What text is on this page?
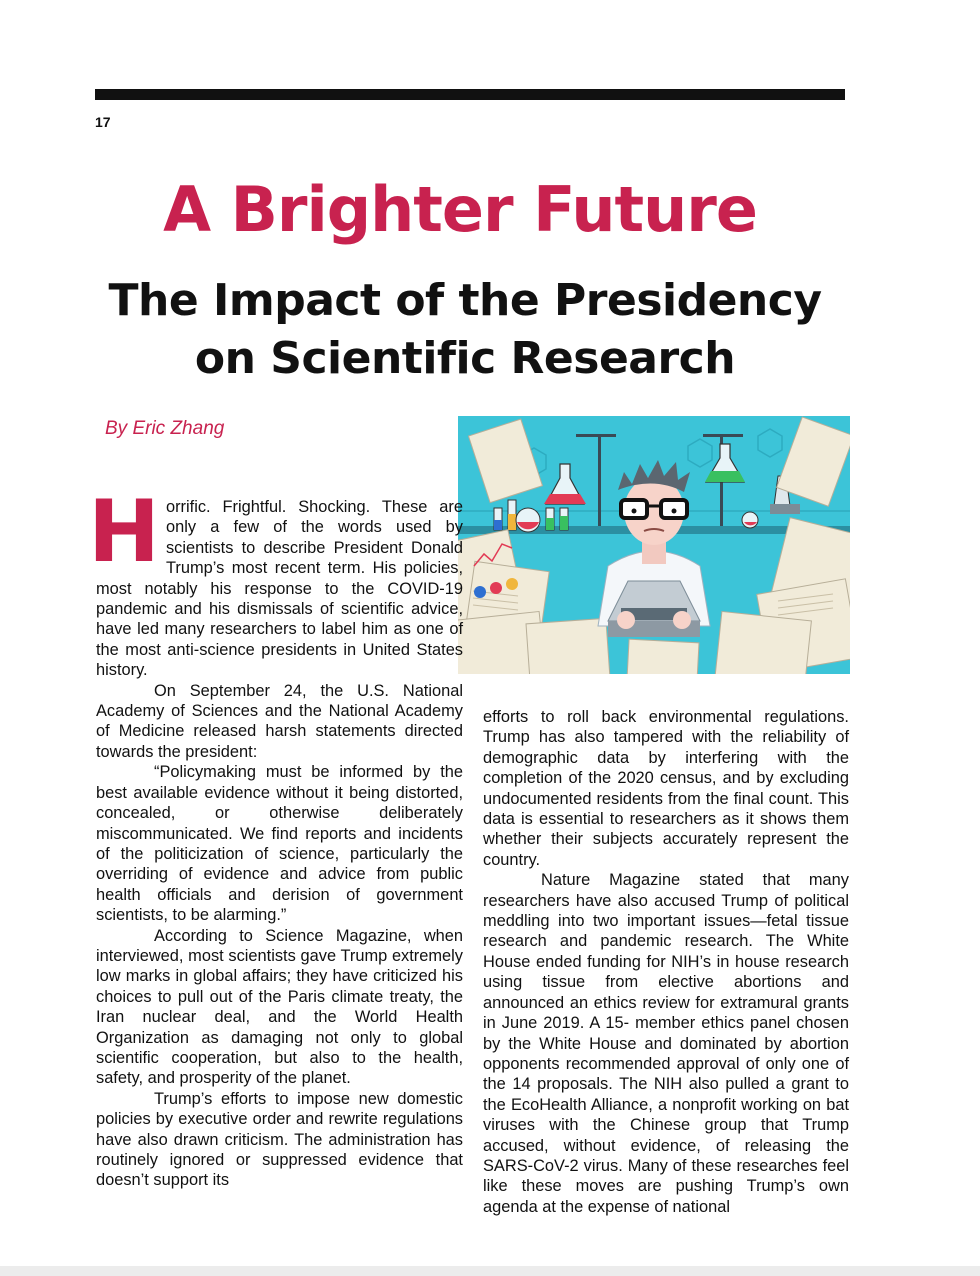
17
A Brighter Future
The Impact of the Presidency
on Scientific Research
By Eric Zhang

Horrific. Frightful. Shocking. These are only a few of the words used by scientists to describe President Donald Trump’s most recent term. His policies, most notably his response to the COVID-19 pandemic and his dismissals of scientific advice, have led many researchers to label him as one of the most anti-science presidents in United States history.

On September 24, the U.S. National Academy of Sciences and the National Academy of Medicine released harsh statements directed towards the president:

“Policymaking must be informed by the best available evidence without it being distorted, concealed, or otherwise deliberately miscommunicated. We find reports and incidents of the politicization of science, particularly the overriding of evidence and advice from public health officials and derision of government scientists, to be alarming.”

According to Science Magazine, when interviewed, most scientists gave Trump extremely low marks in global affairs; they have criticized his choices to pull out of the Paris climate treaty, the Iran nuclear deal, and the World Health Organization as damaging not only to global scientific cooperation, but also to the health, safety, and prosperity of the planet.

Trump’s efforts to impose new domestic policies by executive order and rewrite regulations have also drawn criticism. The administration has routinely ignored or suppressed evidence that doesn’t support its

efforts to roll back environmental regulations. Trump has also tampered with the reliability of demographic data by interfering with the completion of the 2020 census, and by excluding undocumented residents from the final count. This data is essential to researchers as it shows them whether their subjects accurately represent the country.

Nature Magazine stated that many researchers have also accused Trump of political meddling into two important issues—fetal tissue research and pandemic research. The White House ended funding for NIH’s in house research using tissue from elective abortions and announced an ethics review for extramural grants in June 2019. A 15- member ethics panel chosen by the White House and dominated by abortion opponents recommended approval of only one of the 14 proposals. The NIH also pulled a grant to the EcoHealth Alliance, a nonprofit working on bat viruses with the Chinese group that Trump accused, without evidence, of releasing the SARS-CoV-2 virus. Many of these researches feel like these moves are pushing Trump’s own agenda at the expense of national
